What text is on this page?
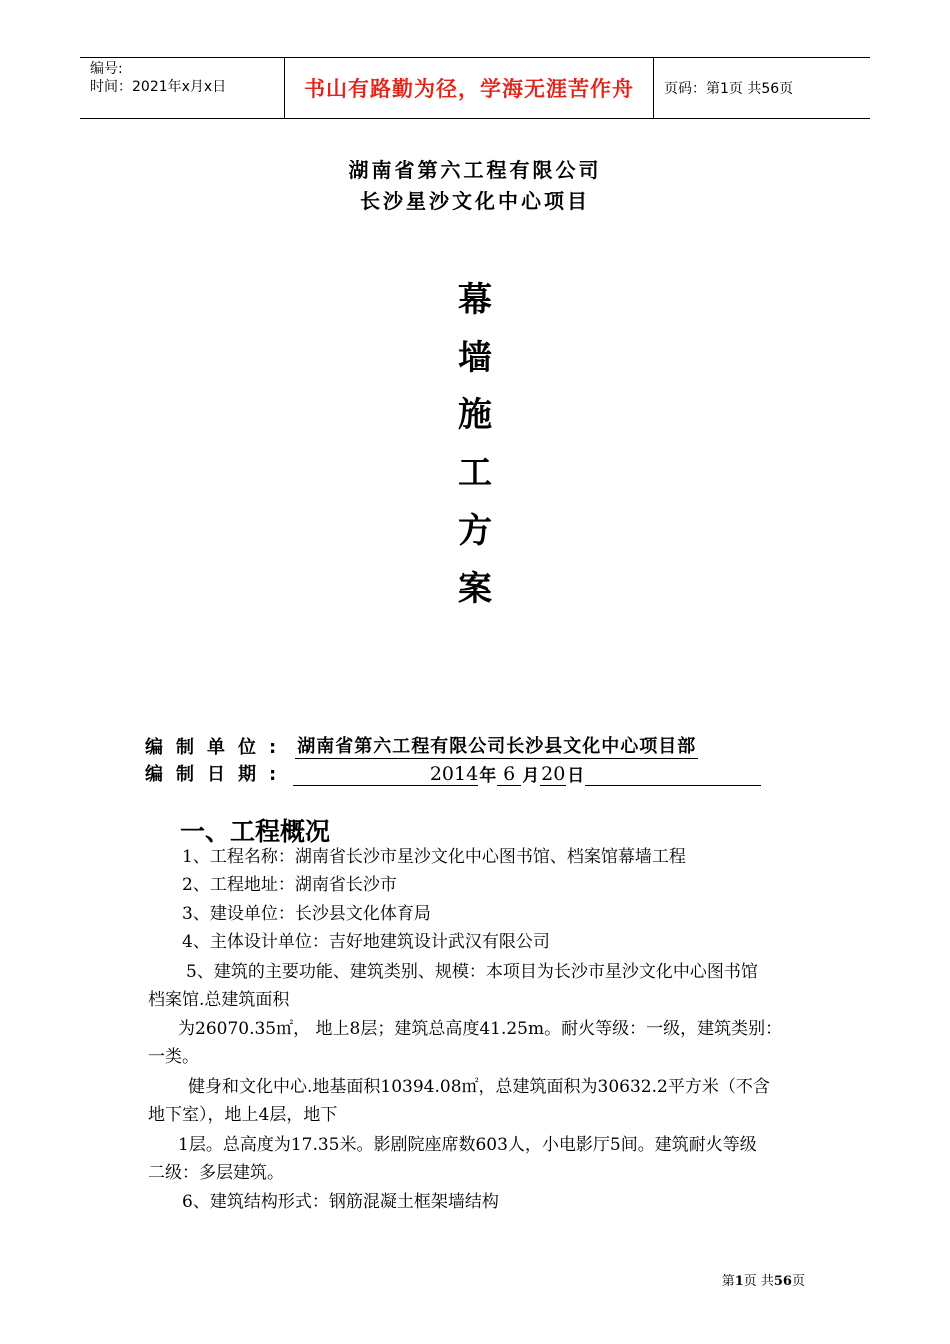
编号:
时间：2021年x月x日	书山有路勤为径，学海无涯苦作舟	页码：第1页 共56页
湖南省第六工程有限公司
长沙星沙文化中心项目
幕
墙
施
工
方
案
编制单位: 湖南省第六工程有限公司长沙县文化中心项目部
编制日期:	2014 年 6 月 20 日
一、工程概况
1、工程名称：湖南省长沙市星沙文化中心图书馆、档案馆幕墙工程
2、工程地址：湖南省长沙市
3、建设单位：长沙县文化体育局
4、主体设计单位：吉好地建筑设计武汉有限公司
5、建筑的主要功能、建筑类别、规模：本项目为长沙市星沙文化中心图书馆
档案馆.总建筑面积
为26070.35㎡， 地上8层；建筑总高度41.25m。耐火等级：一级，建筑类别：
一类。
健身和文化中心.地基面积10394.08㎡，总建筑面积为30632.2平方米（不含
地下室），地上4层，地下
1层。总高度为17.35米。影剧院座席数603人，小电影厅5间。建筑耐火等级
二级：多层建筑。
6、建筑结构形式：钢筋混凝土框架墙结构
第1页 共56页
